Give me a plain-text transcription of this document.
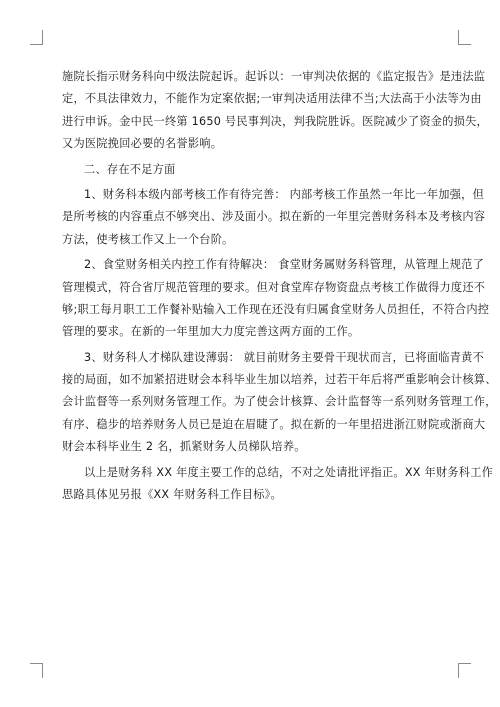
施院长指示财务科向中级法院起诉。起诉以：一审判决依据的《监定报告》是违法监
定，不具法律效力，不能作为定案依据;一审判决适用法律不当;大法高于小法等为由
进行申诉。金中民一终第 1650 号民事判决，判我院胜诉。医院减少了资金的损失，
又为医院挽回必要的名誉影响。
二、存在不足方面
1、财务科本级内部考核工作有待完善： 内部考核工作虽然一年比一年加强，但
是所考核的内容重点不够突出、涉及面小。拟在新的一年里完善财务科本及考核内容
方法，使考核工作又上一个台阶。
2、食堂财务相关内控工作有待解决： 食堂财务属财务科管理，从管理上规范了
管理模式，符合省厅规范管理的要求。但对食堂库存物资盘点考核工作做得力度还不
够;职工每月职工工作餐补贴输入工作现在还没有归属食堂财务人员担任，不符合内控
管理的要求。在新的一年里加大力度完善这两方面的工作。
3、财务科人才梯队建设薄弱： 就目前财务主要骨干现状而言，已将面临青黄不
接的局面，如不加紧招进财会本科毕业生加以培养，过若干年后将严重影响会计核算、
会计监督等一系列财务管理工作。为了使会计核算、会计监督等一系列财务管理工作，
有序、稳步的培养财务人员已是迫在眉睫了。拟在新的一年里招进浙江财院或浙商大
财会本科毕业生 2 名，抓紧财务人员梯队培养。
以上是财务科 XX 年度主要工作的总结，不对之处请批评指正。XX 年财务科工作
思路具体见另报《XX 年财务科工作目标》。
